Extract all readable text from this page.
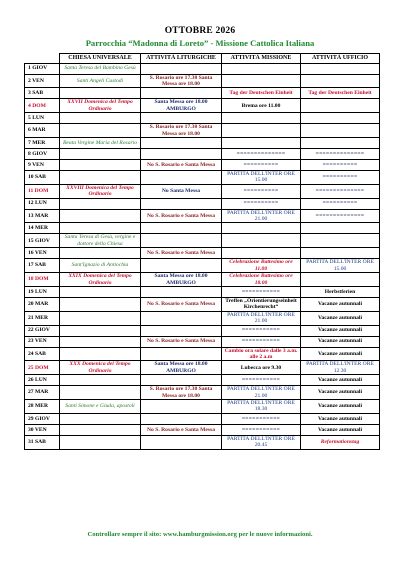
OTTOBRE 2026
Parrocchia “Madonna di Loreto” - Missione Cattolica Italiana
	CHIESA UNIVERSALE	ATTIVITÀ LITURGICHE	ATTIVITÀ MISSIONE	ATTIVITÀ UFFICIO
1 GIOV	Santa Teresa del Bambino Gesù			
2 VEN	Santi Angeli Custodi	S. Rosario ore 17.30 Santa Messa ore 18.00		
3 SAB			Tag der Deutschen Einheit	Tag der Deutschen Einheit
4 DOM	XXVII Domenica del Tempo Ordinario	Santa Messa ore 18.00 AMBURGO	Brema ore 11.00	
5 LUN				
6 MAR		S. Rosario ore 17.30 Santa Messa ore 18.00		
7 MER	Beata Vergine Maria del Rosario			
8 GIOV			==============	==============
9 VEN		No S. Rosario e Santa Messa	==========	==========
10 SAB			PARTITA DELL'INTER ORE 15.00	==========
11 DOM	XXVIII Domenica del Tempo Ordinario	No Santa Messa	==========	==============
12 LUN			==========	==========
13 MAR		No S. Rosario e Santa Messa	PARTITA DELL'INTER ORE 21.00	==============
14 MER				
15 GIOV	Santa Teresa di Gesù, vergine e dottore della Chiesa			
16 VEN		No S. Rosario e Santa Messa		
17 SAB	Sant'Ignazio di Antiochia		Celebrazione Battesimo ore 11.00	PARTITA DELL'INTER ORE 15.00
18 DOM	XXIX Domenica del Tempo Ordinario	Santa Messa ore 18.00 AMBURGO	Celebrazione Battesimo ore 18.00	
19 LUN			===========	Herbstferien
20 MAR		No S. Rosario e Santa Messa	Treffen „Orientierungseinheit Kirchenrecht“	Vacanze autunnali
21 MER			PARTITA DELL'INTER ORE 21.00	Vacanze autunnali
22 GIOV			===========	Vacanze autunnali
23 VEN		No S. Rosario e Santa Messa	===========	Vacanze autunnali
24 SAB			Cambio ora solare dalle 3 a.m. alle 2 a.m	Vacanze autunnali
25 DOM	XXX Domenica del Tempo Ordinario	Santa Messa ore 18.00 AMBURGO	Lubecca ore 9.30	PARTITA DELL'INTER ORE 12.30
26 LUN			===========	Vacanze autunnali
27 MAR		S. Rosario ore 17.30 Santa Messa ore 18.00	PARTITA DELL'INTER ORE 21.00	Vacanze autunnali
28 MER	Santi Simone e Giuda, apostoli		PARTITA DELL'INTER ORE 18.30	Vacanze autunnali
29 GIOV			===========	Vacanze autunnali
30 VEN		No S. Rosario e Santa Messa	===========	Vacanze autunnali
31 SAB			PARTITA DELL'INTER ORE 20.45	Reformationstag
Controllare sempre il sito: www.hamburgmission.org per le nuove informazioni.
